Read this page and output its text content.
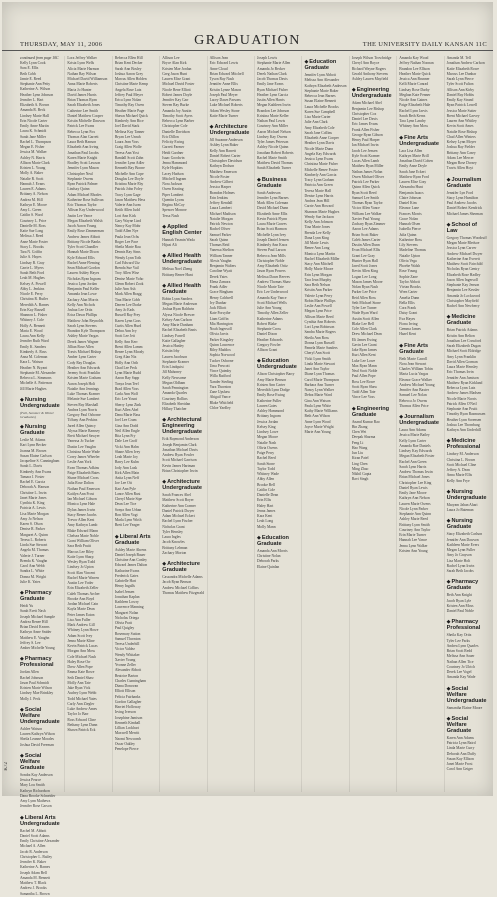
THURSDAY, MAY 11, 2006	GRADUATION	THE UNIVERSITY DAILY KANSAN 11C
K72
continued from page 10C
Kelly Lynn Cook
Sara E. Ellis
Beth Cobb
Jamie E. Reed
Stephanie Ann Petty
Katherine A. Wilson
Heather Lynn Johnson
Jennifer L. Hart
Elizabeth A. Brown
Amanda R. Beck
Lindsey Marie Hall
Erin Nicole Carter
Emily Anne Martin
Laura K. Schmidt
Sarah Jane Miller
Rachel L. Thompson
Megan E. Fisher
Jessica M. Walker
Ashley N. Harris
Allison Marie Clark
Kristen L. Young
Molly A. Baker
Natalie R. Scott
Hannah J. Evans
Lauren E. Adams
Brittany A. Nelson
Andrea M. Hill
Kathryn E. Moore
Amy L. Green
Caitlin S. Ward
Courtney L. Price
Danielle M. Ross
Katie Sue Long
Melissa J. Reed
Anne Marie Foster
Stacy L. Brooks
Tara N. Griffin
Julie A. Hayes
Lindsay R. Gray
Carrie L. Myers
Sarah Beth Ford
Leah M. Hughes
Kelsey A. Powell
Abby L. Jenkins
Nicole E. Perry
Christina R. Butler
Meredith A. Barnes
Erin Kay Russell
Shannon L. Fisher
Whitney J. Cole
Holly A. Bennett
Maria E. Wood
Laura Ann Kelly
Jennifer Ruth Ward
Emily K. Sanders
Kimberly A. Ross
Anna M. Coleman
Kara L. Watson
Heather N. Bryant
Stephanie M. Alexander
Rebecca L. Simmons
Michelle A. Patterson
Jill Marie Hughes
◆Nursing Undergraduate
(Fall, Summer & Winter Graduates)
◆Nursing Graduate
Leslie M. Adams
Kari Lynn Becker
Joanna M. Brown
Susan Elaine Carlson
Jacqueline S. Cunningham
Sarah L. Davis
Kimberly Ann Evans
Tamara J. Foster
Rachel E. Garcia
Deborah A. Hanson
Christine L. Irwin
Janet Marie Jones
Cynthia K. King
Patricia A. Lewis
Lisa Marie Morgan
Amy Jo Nelson
Karen S. Olson
Denise R. Parker
Margaret A. Quinn
Teresa L. Roberts
Linda Sue Stewart
Angela M. Thomas
Valerie J. Turner
Brenda K. Vaughn
Carol Ann Webb
Sandra L. White
Donna M. Wright
Julie K. Yates
◆Pharmacy Graduate
Heidi Yu
Sarah Evett Nash
Joseph Michael Sample
Andrea Renee Hill
Brian David Kearns
Kathryn Anne Snider
Matthew E. Vaughn
Jeffrey S. Lee
Amber Michelle Young
◆Pharmacy Professional
Jordan Allen
Rachel Johnson
Jason Paul Schmidt
Kristen Marie Wilson
Lindsey Mae Brinkley
Molly J. Peck
◆Social Welfare Undergraduate
Ashlee Watson
Lauren Kathryn Wilson
Sheila Leanne Morales
Joshua David Freeman
◆Social Welfare Graduate
Sondra Kay Anderson
Jessica Pearce
Mary Lou Smith
Kathryn Richardson
Dana Brooke Schneider
Amy Lynn Mathews
Jennifer Rose Carson
◆Liberal Arts Undergraduate
Rachel M. Abbott
Daniel Scott Adams
Emily Christine Alexander
Michael A. Allen
Jacob R. Anderson
Christopher L. Bailey
Jennifer K. Baker
Katherine A. Barnes
Joseph Adam Bell
Amanda M. Bennett
Matthew T. Black
Andrew J. Brooks
Samantha L. Brown
Lora Jeffrey Walker
Krista Lynn Wells
Alicia Marie Harmon
Nathan Ray Wilson
Michael David Williamson
Anna Marie Roberts
Maria Jo Hunter
David James Harris
Brian Thomas Ryan
Sarah Elizabeth Jones
Catherine Lee Smith
Daniel Matthew Cooper
Kristin Michelle Dawson
Patrick Lee Evans
Rebecca Lynn Fox
Thomas Alan Garrett
Laura Beth Hanson
Elizabeth Ann Irving
Jonathan Paul Jacobs
Karen Marie Knight
Bradley Scott Lawson
Jennifer Lynn Mason
Christopher Neal
Stephanie Owens
Ryan Patrick Palmer
Lindsay Quinn
Adam Michael Rhodes
Katherine Rose Sullivan
Eric Thomas Taylor
Allison Kay Underwood
Justin Lee Vance
Megan Elizabeth Walsh
Jacob Aaron Young
Emily Rose Zimmerman
Andrew James Abbott
Brittany Nicole Banks
Tyler Scott Chandler
Hannah Marie Dixon
Kyle Edward Ellis
Rachel Anne Fleming
Sean Michael Gordon
Lauren Ashley Hayes
Nicholas Ryan Ingram
Jessica Lynn Jordan
Benjamin Paul Keller
Amanda Jean Lowe
Zachary Alan Morris
Kelly Ann Nichols
Joshua Lee Ortiz
Erica Dawn Phillips
Matthew John Reynolds
Sarah Lynn Stevens
Brandon Kyle Thompson
Ashley Marie Vargas
Derek James Wagner
Jillian Rose Allen
Travis Michael Bishop
Amber Lynn Carter
Cody Ray Douglas
Heather Ann Edwards
Jeremy Scott Franklin
Kristen Marie Graham
Aaron Joseph Holt
Natalie Ann Jennings
Luke Thomas Kramer
Melanie Sue Lambert
Steven Ray Marshall
Andrea Lynn Norris
Gregory Paul Osborne
Tiffany Ann Perkins
Jared Allen Quincy
Alyssa Marie Ramsey
Brett Michael Sawyer
Vanessa Jo Tucker
Dustin Lee Vaughn
Christina Marie Wade
Corey James Wheeler
Leslie Ann York
Evan Thomas Adkins
Paige Elizabeth Bates
Shane Michael Cross
Julia Rose Dalton
Nathan Paul Emerson
Kaitlyn Ann Frost
Ian Michael Gibson
Monica Lynn Hale
Dylan James Irwin
Stacy Renee Jacobs
Trevor Allen Kent
Amy Kathryn Lamb
Blake Edward Mann
Chelsea Marie Noble
Grant William Oliver
Sara Beth Pruitt
Marcus Lee Riley
Katie Lynn Sharp
Wesley Ryan Todd
Lindsey Jo Upton
Scott Alan Vincent
Rachel Marie Warren
Austin Lee Yoder
Erin Elizabeth Zeller
Caleb Thomas Archer
Brooke Ann Boyd
Jordan Michael Cain
Kayla Marie Dean
Peter James Eaton
Lisa Ann Fuller
Mark Andrew Gill
Whitney Lynn Howe
Adam Scott Ivey
Jenna Marie Kline
Kevin Patrick Lucas
Morgan Ann Moss
Cole Michael Nash
Haley Rose Orr
Drew Allen Pope
Emma Kate Rowe
Seth Daniel Shaw
Molly Ann Tate
Jake Ryan Vick
Audrey Lynn Webb
Todd Michael Yates
Carly Ann Ziegler
Luke Andrew Ames
Taylor Jo Barr
Ross Edward Cline
Bethany Lynn Dunn
Shawn Patrick Eck
Rebecca Ellen Hill
Brian Kent Decker
Sarah Ann Bosley
Joshua Aaron Grey
Marcus Allen Holden
Christine Marie Kemp
Angela Rose Lutz
Jeffrey Paul Meyer
Erica Lynn Nolan
Timothy Ray Owen
Heather Marie Page
Shawn Michael Quick
Kimberly Ann Rice
Joel David Stark
Melissa Kay Tanner
Bryan Lee Unruh
Laura Jean Voss
Craig Allen Wolfe
Teresa Ann Yost
Randall Scott Zahn
Jennifer Lynn Adler
Kenneth Ray Boone
Michelle Ann Cope
Douglas Lee Doyle
Kristina Marie Eby
Patrick John Foley
Tracy Lynn Gage
Jason Matthew Hess
Valerie Ann Isom
Keith Allen Judd
Lori Ann Kirk
Gary Wayne Lind
Nancy Kay Mohr
Todd Allen Nye
Paula Jean Ochs
Roger Lee Pace
Sheila Marie Rau
Dennis Ray Sims
Wendy Lynn Toth
Carl Edward Utz
Brenda Sue Vail
Troy Allen Wise
Denise Marie Yoho
Glenn Robert Zook
Julie Ann Ash
Mark Allen Bragg
Tina Marie Cobb
Darren Lee Drake
Amy Jo Eads
Russell Ray Frey
Karen Lynn Goss
Curtis Allen Hurd
Debra Ann Ivy
Scott Lee Jett
Kelly Ann Kerr
Brent Allen Lamm
Renee Lynn Moody
Greg Alan Nix
Holly Ann Orth
Chad Lee Peck
Lynn Marie Rudd
Aaron Ray Sapp
Tonya Jean Teel
Brad Allen Voss
Carla Ann Wolf
Eric Lee Yount
Sherry Lynn Zink
Kurt Allen Abel
Dana Marie Bass
Joel Lee Crum
Gina Ann Dodd
Neil Allen Engle
Rita Lynn Fry
Dale Lee Groff
Vicki Ann Hahn
Shane Allen Ivey
Leah Marie Joy
Barry Lee Kuhn
Jody Ann Lusk
Kirk Allen Main
Anita Lynn Neff
Joe Lee Ott
Kari Ann Pyle
Lance Allen Rust
Cheryl Marie Sipe
Dean Lee Tice
Sonya Ann Urban
Ron Allen Vogt
Marla Lynn Wirth
Brett Lee Yeager
◆Liberal Arts Graduate
Ashley Marie Ahrens
Daniel Joseph Bauer
Christine Ann Conley
Edward James Dalton
Katharine Evans
Frederick Gates
Gabrielle Hart
Henry Ingalls
Isabel Jensen
Jonathan Kaplan
Kathleen Lowry
Lawrence Manning
Margaret Nolan
Nicholas Ortega
Olivia Pratt
Paul Quigley
Rosemary Sutton
Samuel Thornton
Teresa Underhill
Victor Valdez
Wendy Whitaker
Xavier Young
Yvonne Zeller
Alexander Abbott
Beatrice Barton
Charles Cunningham
Diana Donovan
Elliott Ellison
Felicia Fairbanks
Gordon Gallagher
Harriet Holloway
Irving Iverson
Josephine Jamison
Kenneth Kimball
Lillian Lockhart
Maxwell Merritt
Naomi Newcomb
Oscar Oakley
Penelope Pierce
Allison Lee
Bryce Alan Kirk
Kristen Mae Jordan
Greg Jason Hunt
Lauren Elise Grant
Michael David Foster
Nicole Rene Elliott
Robert James Doyle
Jennifer Kay Carr
Steven Ray Burke
Amanda Joy Austin
Timothy Scott Ayers
Rebecca Lynn Barber
Christopher Cole
Danielle Davidson
Eric Dillon
Felicity Ewing
Garrett Farmer
Heidi Gardner
Isaac Goodwin
Jenna Hammond
Kyle Hopkins
Lacey Hudson
Mitchell Ingram
Nora Jackson
Owen Keating
Piper Lambert
Quentin Lyons
Regina McCoy
Spencer Monroe
Tessa Nash
◆Applied English Center
Hannah Yasmin Wada
Hijazi Ali
◆Allied Health Undergraduate
Melissa Noel Zheng
Brittany Renee Hunt
◆Allied Health Graduate
Robin Lynn Sanders
Megan Marie Anderson
Joshua Ryan Baldwin
Alyssa Nicole Brewer
Kelsey Ann Carlson
Amy Marie Dunham
Rachel Elizabeth Ennis
Lindsey Farrell
Katie Gallagher
Jessica Hanley
Kristin Irby
Lauren Jacobson
Stephanie Kramer
Erin Lindquist
Jill Mahoney
Kelly Newsome
Megan Oldham
Sarah Pennington
Amanda Quarles
Courtney Rollins
Elizabeth Sheridan
Hillary Thatcher
◆Architectural Engineering Undergraduate
Erik Raymond Anderson
Joseph Benjamin Clark
Jonathan Michael Davis
Andrew Ryan Fowler
Scott Michael Garrison
Kevin James Hartman
Brian Christopher Irwin
◆Architecture Undergraduate
Sarah Frances Abel
Matthew Scott Boyer
Katherine Ann Cramer
Daniel Patrick Dwyer
Adam Michael Eckert
Rachel Lynn Fischer
Nicholas Grant
Tyler Hensley
Laura Ingles
Jacob Knowles
Brittany Lehman
Zachary Morton
◆Architecture Graduate
Cassandra Michelle Adams
Jacob Ryan Benson
Andrew Michael Collins
Thomas Matthew Fitzgerald
Allison Jean
Eric Edward Lewis
Anne Cloud
Brian Edward Mitchell
Tyson Ray Nash
Jennifer Anne Ellis
Kristin Lynne Mason
Joseph Paul Meyer
Lacey Dawn Parsons
Luke Michael Roberts
Adam Wesley Stone
Katie Marie Turner
◆Architecture Undergraduate
Jill Suzanne Anderson
Ashley Lynn Baker
Kelly Ann Barrett
Daniel Robert Carter
Christopher Davidson
Kathryn Dodson
Matthew Emerson
Nicole Foster
Andrew Gilbert
Jessica Harper
Brandon Holmes
Erin Jenkins
Jeffrey Kendall
Laura Lambert
Michael Madison
Natalie Morgan
Patrick Newton
Rachel Oliver
Samuel Parker
Sarah Quinn
Thomas Reid
Vanessa Shelton
William Tanner
Alexis Vaughn
Benjamin Walters
Caroline Wyatt
Derek Yates
Elena Zamora
Frank Adler
Grace Bingham
Henry Caldwell
Ivy Dunbar
Jack Elliott
Kate Forsythe
Liam Griffin
Mia Harrington
Noah Ingersoll
Olivia Jarvis
Parker Kingsley
Quinn Lawrence
Riley Maddox
Sophia Norwood
Tucker Osborne
Uma Prescott
Vince Quimby
Willa Radford
Xander Sterling
Yara Thornton
Zane Upshaw
Abigail Vance
Blake Whitfield
Chloe Yardley
Joseph Lewis
Stephanie Marie Allen
Amanda Jo Becker
Derek Nathan Clark
Jacob Thomas Davis
Emily Jane Evans
Ryan Michael Fisher
Heather Lynn Garcia
Justin Allen Harris
Megan Kathleen Irwin
Brandon Lee Johnson
Kristina Marie Keller
Nathan Paul Lewis
Courtney Ann Miller
Aaron Michael Nelson
Lindsey Kay Owens
Tyler James Peterson
Ashley Nicole Quinn
Jonathan Robert Roberts
Rachel Marie Smith
Matthew David Thomas
Sarah Elizabeth Turner
◆Business Graduate
Sarah Anderson
Jennifer Lynn Barnes
Mark Allen Coleman
David Michael Dunn
Elizabeth Anne Ellis
Kevin Patrick Flynn
Laura Marie Graves
Brian Scott Harmon
Michelle Lynn Ivey
Joseph Daniel Jensen
Kimberly Ann Knox
Steven Paul Larson
Rebecca Jean Mills
Christopher Noble
Amy Elizabeth Ortiz
Jason Ryan Powers
Melissa Dawn Reeves
Andrew Thomas Shaw
Nicole Marie Tate
Eric Lee Underwood
Amanda Kay Vance
Scott Michael Wells
Julie Ann Young
Timothy Allen Zeller
Katherine Adams
Robert Blake
Stephanie Cross
Daniel Dixon
Heather Edwards
Gregory Fowler
Allison Grant
◆Education Undergraduate
Alison Christopher Barry
Amy Marie Benson
Kristen Ann Carter
Meredith Lynn Dodge
Emily Rose Ewing
Katherine Fuller
Lauren Gates
Ashley Hammond
Brittany Ingram
Jessica Jordan
Kelsey King
Lindsey Lowe
Megan Moore
Natalie Nash
Olivia Owens
Paige Perry
Rachel Reed
Sarah Stone
Taylor Todd
Whitney Wade
Abby Allen
Brooke Bell
Caitlin Cole
Danielle Dean
Erin Ellis
Haley Hart
Jenna James
Kara Kent
Leah Long
Molly Mann
◆Education Graduate
Amanda Ann Morris
Christine Nolan
Deborah Parks
Elaine Quinlan
◆Education Graduate
Jennifer Lynn Abbott
Melissa Ann Alexander
Kathryn Elizabeth Anderson
Stephanie Marie Baker
Rebecca Jean Barnes
Susan Elaine Bennett
Laura Michelle Brooks
Karen Sue Campbell
Lisa Marie Carter
Julie Ann Clark
Amy Elizabeth Cole
Sarah Jane Collins
Elizabeth Anne Cooper
Heather Lynn Davis
Nicole Marie Dunn
Angela Kay Edwards
Jessica Lynn Evans
Christina Marie Fisher
Michelle Renee Foster
Kimberly Ann Garcia
Tracy Lynn Graham
Patricia Ann Green
Teresa Marie Hall
Denise Lynn Harris
Andrea Jean Hill
Carrie Ann Howard
Shannon Marie Hughes
Wendy Sue Jackson
Kelly Ann Johnson
Tina Marie Jones
Brenda Lee Kelly
Dana Lynn King
Jill Marie Lewis
Renee Ann Long
Monica Lynn Martin
Rachel Elizabeth Miller
Stacy Ann Mitchell
Holly Marie Moore
Erin Lynn Morgan
Tara Jean Murphy
Sara Beth Nelson
Kristin Ann Parker
Valerie Lynn Perry
Robin Marie Phillips
Leslie Ann Powell
Megan Lynn Price
Allison Marie Reed
Cynthia Ann Roberts
Lori Lynn Robinson
Sandra Marie Rogers
Sheila Ann Ross
Donna Lynn Russell
Pamela Marie Sanders
Cheryl Ann Scott
Vicki Lynn Smith
Linda Marie Stewart
Janet Ann Taylor
Diane Lynn Thomas
Carol Marie Thompson
Barbara Ann Turner
Nancy Lynn Walker
Debra Marie Ward
Gina Ann Watson
Paula Lynn White
Kathy Marie Williams
Beth Ann Wilson
Anne Lynn Wood
Joyce Marie Wright
Marie Ann Young
Joseph Wilson Trowbridge
Cheryl Ann Boyce
Richard Wayne Rogers
Gerald Anthony Stevens
Ashley Lauren Mayfield
◆Engineering Undergraduate
Adam Michael Abel
Benjamin Lee Bishop
Christopher Cox
Daniel Lee Davis
Eric James Evans
Frank Allen Fisher
George Ryan Gibson
Henry Paul Harper
Ian Michael Irwin
Jacob Lee Jensen
Kyle Scott Kramer
Lucas Allen Lamb
Matthew Ryan Miller
Nathan James Nolan
Owen Michael Oliver
Patrick Lee Parker
Quinn Allen Quick
Ryan Scott Reed
Samuel Lee Smith
Thomas Ryan Taylor
Victor Allen Vance
William Lee Walker
Xavier Paul Young
Zachary Ryan Zimmer
Aaron Lee Adams
Brian Scott Baker
Caleb James Carter
Dustin Allen Dunn
Evan Michael Ellis
Grant Lee Gray
Hunter Ryan Hall
Jared Scott Jones
Kevin Allen King
Logan Lee Long
Mason James Moore
Nolan Ryan Nash
Parker Lee Price
Reid Allen Ross
Seth Michael Stone
Tyler Lee Turner
Wade Ryan Ward
Austin Scott Allen
Blake Lee Bell
Cole Allen Clark
Drew Michael Dean
Eli James Ewing
Gavin Lee Grant
Jake Ryan James
Kurt Allen Kent
Luke Lee Lowe
Max Ryan Mann
Neal Scott Noble
Paul Allen Pope
Ross Lee Rowe
Scott Ryan Shaw
Todd Allen Tate
Vince Lee Voss
◆Engineering Graduate
Anand Kumar Rao
Bin Zhang
Chen Wei
Deepak Sharma
Feng Li
Hao Wang
Jun Liu
Kiran Patel
Ling Chen
Ming Zhao
Nikhil Gupta
Ravi Singh
Amanda Kay Wood
Jeffrey Nathan Noonan
Brandon Lee Ellison
Heather Marie Quick
Jessica Ann Brunner
Kelli Marie Conrad
Lindsay Rose Darby
Meghan Kate Fenner
Nicole Ann Gaines
Paige Elizabeth Hale
Rachel Lynn Jarvis
Sarah Beth Kerns
Tara Lynn Landry
Whitney Ann Moss
◆Fine Arts Undergraduate
Lara Lisa Allen
Kathryn Marie Brill
Jonathan David Cohen
Emily Anne Doyle
Sarah Jane Eckert
Matthew Ryan Ford
Lauren Elise Gray
Alexandra Hunt
Benjamin Isaacs
Claire Johnson
Daniel Kim
Eleanor Lane
Frances Morris
Grace Nolan
Hannah Olsen
Isabella Pierce
Julia Quinn
Katherine Ross
Lily Stevens
Madeline Thomas
Natalie Upton
Olivia Vega
Phoebe Walsh
Rose Young
Sophie Zane
Taylor Abbott
Vivian Brooks
Wren Carter
Amelia Dunn
Bella Ellis
Cora Frank
Daisy Grant
Eva Hayes
Fiona Irving
Gemma James
Hazel Kent
◆Fine Arts Graduate
Beth Marie Carroll
Nora Jean Stewart
Charles William Tobin
Maria Lucia Vargas
Eleanor Grace Walker
Andrew Michael Young
Jennifer Ann Baxter
Samuel Lee Nolan
Rebecca Jo Owens
Thomas Allen Price
◆Journalism Undergraduate
Laura Ann Adams
Jessica Marie Bailey
Kelly Lynn Carter
Amanda Rae Daniels
Lindsey Kay Edwards
Megan Elizabeth Foster
Rachel Ann Green
Sarah Lynn Harris
Andrew Thomas Irwin
Brian Michael Jones
Christopher Lee King
Daniel Ryan Lewis
Emily Jane Moore
Kathryn Ann Nelson
Lauren Marie Owens
Nicole Lynn Parker
Stephanie Ann Quinn
Ashley Marie Reed
Brittany Lynn Smith
Courtney Ann Taylor
Erin Marie Turner
Hannah Lee Vance
Jenna Lynn Walker
Kristen Ann Young
Amanda M. Tell
Jonathan Andrew Carlson
Katie Elizabeth Rowe
Marcus Lee Dunbar
Sarah Lynn Pierce
Tyler Scott Fulton
Allison Ann Kirby
Daniel Ray Hobbs
Emily Kay Strand
Ryan Patrick Lowell
Jessica Marie Sutter
Brent Michael Garvey
Lauren Ann Whitley
Kevin Scott Ames
Natalie Rose Bishop
Chad Allen Winters
Kelsey Lynn Moyer
Joshua Ray Fielder
Brittany Ann Casey
Adam Lee Mercer
Megan Rose Dorsey
Travis Allen Hoyt
◆Journalism Graduate
Jennifer Lyn Ford
Stacy Lynn Hamilton
Paul Andrew Jacobs
Daniel Robert Kendrick
Michael James Sherman
◆School of Law
Gregory Thomas Woodruff
Megan Marie Bledsoe
Jessica Lynn Carver
Andrew Michael Dwyer
Katherine Ann Everett
Matthew Scott Fairchild
Nicholas Ryan Gentry
Elizabeth Rose Hadley
Jason Allen Ingersoll
Stephanie Kay Jenson
Benjamin Lee Kessler
Amanda Jo Lockwood
Christopher Mayfield
Rachel Ann Newberry
◆Medicine Graduate
Brian Patrick Adams
Kristin Ann Belton
Jonathan Lee Crawford
Sarah Elizabeth Dugan
Michael Scott Eldridge
Amy Lynn Franklin
David Allen Gorman
Laura Marie Hensley
Eric Thomas Irvin
Jennifer Ann Jamison
Matthew Ryan Kirkland
Rebecca Lynn Lutz
Andrew James Madsen
Nicole Marie Norris
Patrick Allen O'Neil
Stephanie Ann Pruitt
Timothy Ryan Rasmussen
Heather Lynn Sorensen
Joshua Lee Thornburg
Kathryn Ann Underhill
◆Medicine Professional
Lindsey M. Anderson
Christina L. Brown
Scott Michael Cline
Jeffrey A. Dean
Anna Marie Ellis
Kelly Ann Frye
◆Nursing Undergraduate
Maryam Jahan Ahari
Laura Jo Bateman
◆Nursing Graduate
Stacy Elizabeth Carlson
Jennifer Ann Dawson
Kathleen Marie Evers
Megan Lynn Fuller
Amy Jo Grayson
Lisa Marie Holt
Rachel Lynn Irwin
Sarah Beth Jacobs
◆Pharmacy Graduate
Beth Ann Knight
Jacob Ryan Lyle
Kristen Ann Moss
Daniel Paul Noble
◆Pharmacy Professional
Sheila Kay Ortiz
Tyler Lee Parks
Andrea Lynn Quarles
Brian Scott Redd
Melissa Ann Sauer
Nathan Allen Tice
Courtney Jo Ulrich
Derek Lee Vogel
Amanda Kay Wade
◆Social Welfare Undergraduate
Samantha Elaine Moore
◆Social Welfare Graduate
Karen Ann Adams
Patricia Lynn Baird
Linda Marie Curry
Deborah Ann Duffy
Susan Kay Ellison
Janet Marie Frost
Carol Ann Geiger
